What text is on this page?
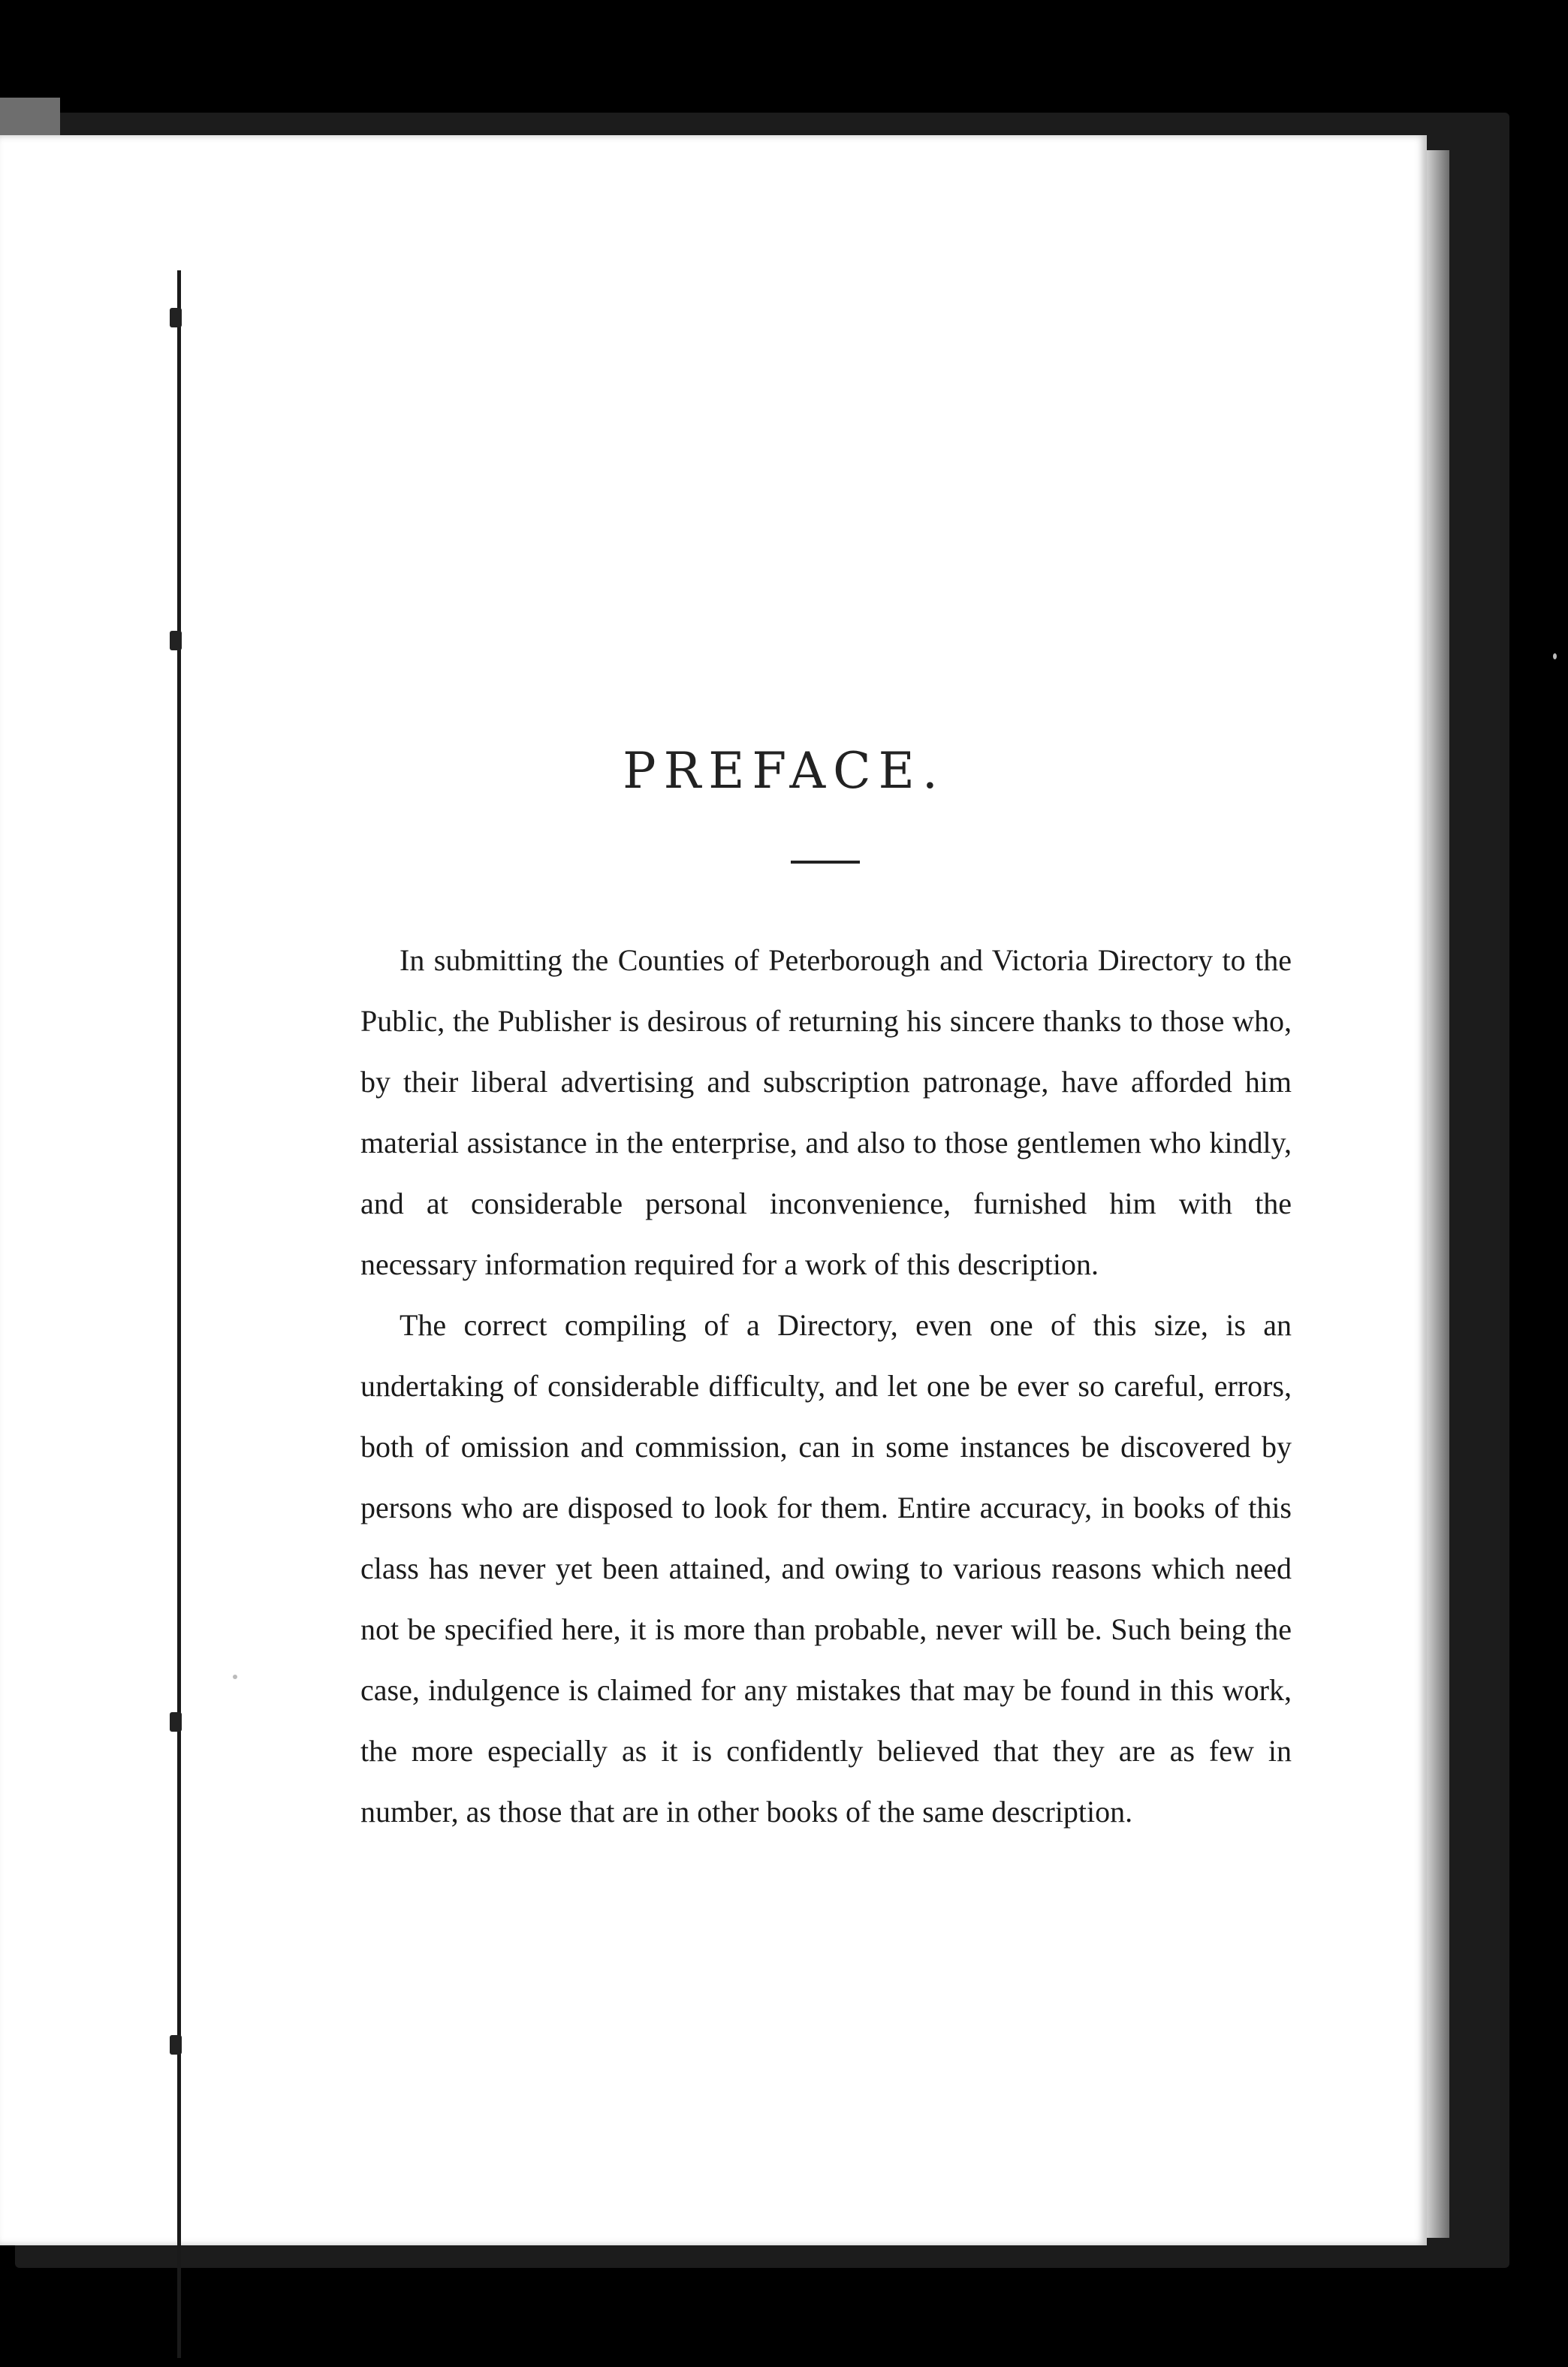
PREFACE.

In submitting the Counties of Peterborough and Victoria Directory to the Public, the Publisher is desirous of returning his sincere thanks to those who, by their liberal advertising and subscription patronage, have afforded him material assistance in the enterprise, and also to those gentlemen who kindly, and at considerable personal inconvenience, furnished him with the necessary information required for a work of this description.

The correct compiling of a Directory, even one of this size, is an undertaking of considerable difficulty, and let one be ever so careful, errors, both of omission and commission, can in some instances be discovered by persons who are disposed to look for them. Entire accuracy, in books of this class has never yet been attained, and owing to various reasons which need not be specified here, it is more than probable, never will be. Such being the case, indulgence is claimed for any mistakes that may be found in this work, the more especially as it is confidently believed that they are as few in number, as those that are in other books of the same description.
